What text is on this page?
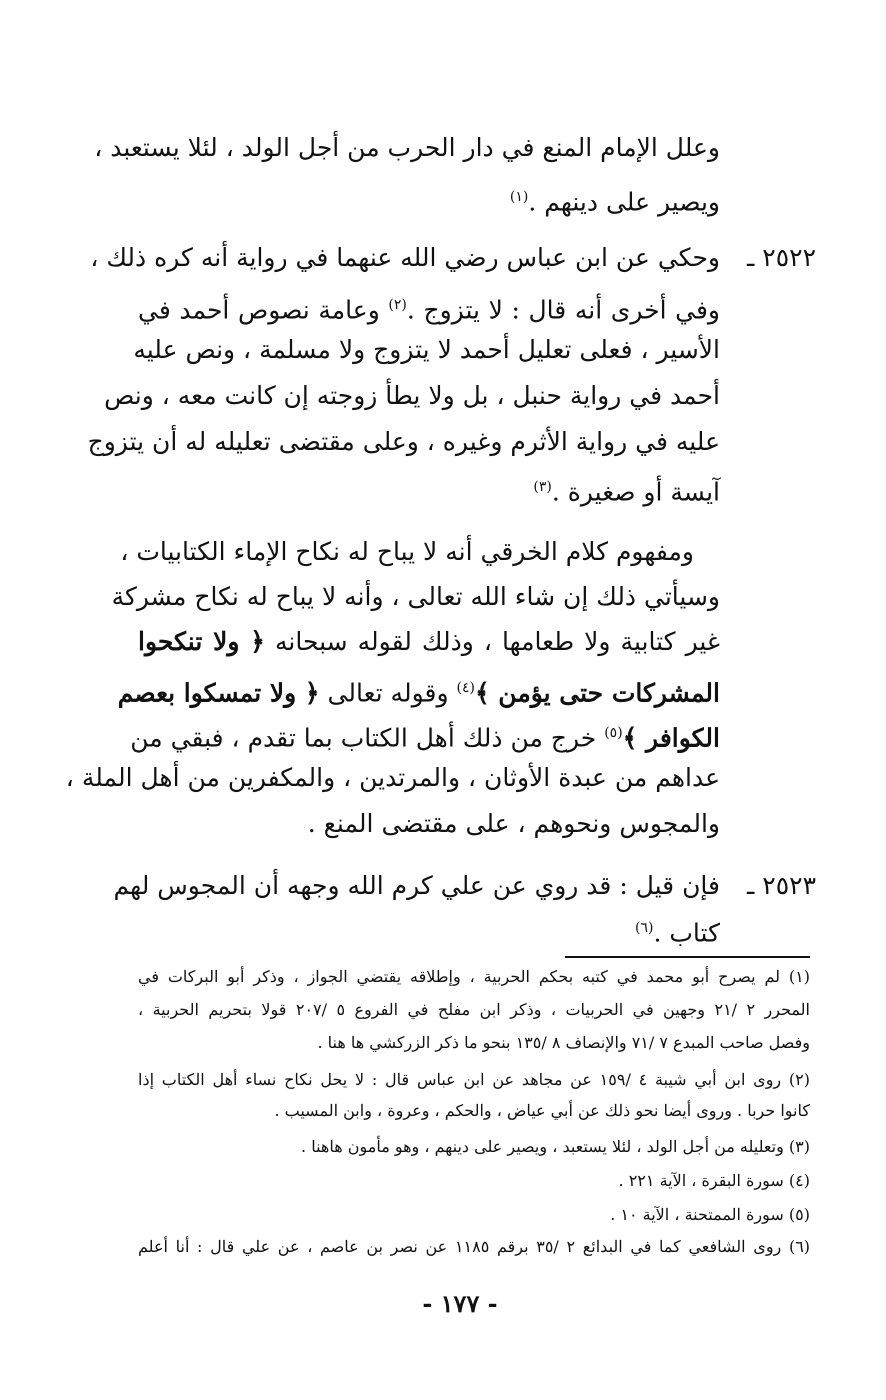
وعلل الإمام المنع في دار الحرب من أجل الولد ، لئلا يستعبد ،
ويصير على دينهم .$^{(١)}$
٢٥٢٢ ـ
وحكي عن ابن عباس رضي الله عنهما في رواية أنه كره ذلك ،
وفي أخرى أنه قال : لا يتزوج .$^{(٢)}$ وعامة نصوص أحمد في
الأسير ، فعلى تعليل أحمد لا يتزوج ولا مسلمة ، ونص عليه
أحمد في رواية حنبل ، بل ولا يطأ زوجته إن كانت معه ، ونص
عليه في رواية الأثرم وغيره ، وعلى مقتضى تعليله له أن يتزوج
آيسة أو صغيرة .$^{(٣)}$
ومفهوم كلام الخرقي أنه لا يباح له نكاح الإماء الكتابيات ،
وسيأتي ذلك إن شاء الله تعالى ، وأنه لا يباح له نكاح مشركة
غير كتابية ولا طعامها ، وذلك لقوله سبحانه ﴿ ولا تنكحوا
المشركات حتى يؤمن ﴾$^{(٤)}$ وقوله تعالى ﴿ ولا تمسكوا بعصم
الكوافر ﴾$^{(٥)}$ خرج من ذلك أهل الكتاب بما تقدم ، فبقي من
عداهم من عبدة الأوثان ، والمرتدين ، والمكفرين من أهل الملة ،
والمجوس ونحوهم ، على مقتضى المنع .
٢٥٢٣ ـ
فإن قيل : قد روي عن علي كرم الله وجهه أن المجوس لهم
كتاب .$^{(٦)}$
(١) لم يصرح أبو محمد في كتبه بحكم الحربية ، وإطلاقه يقتضي الجواز ، وذكر أبو البركات في
المحرر ٢ /٢١ وجهين في الحربيات ، وذكر ابن مفلح في الفروع ٥ /٢٠٧ قولا بتحريم الحربية ،
وفصل صاحب المبدع ٧ /٧١ والإنصاف ٨ /١٣٥ بنحو ما ذكر الزركشي ها هنا .
(٢) روى ابن أبي شيبة ٤ /١٥٩ عن مجاهد عن ابن عباس قال : لا يحل نكاح نساء أهل الكتاب إذا
كانوا حربا . وروى أيضا نحو ذلك عن أبي عياض ، والحكم ، وعروة ، وابن المسيب .
(٣) وتعليله من أجل الولد ، لئلا يستعبد ، ويصير على دينهم ، وهو مأمون هاهنا .
(٤) سورة البقرة ، الآية ٢٢١ .
(٥) سورة الممتحنة ، الآية ١٠ .
(٦) روى الشافعي كما في البدائع ٢ /٣٥ برقم ١١٨٥ عن نصر بن عاصم ، عن علي قال : أنا أعلم
- ١٧٧ -
